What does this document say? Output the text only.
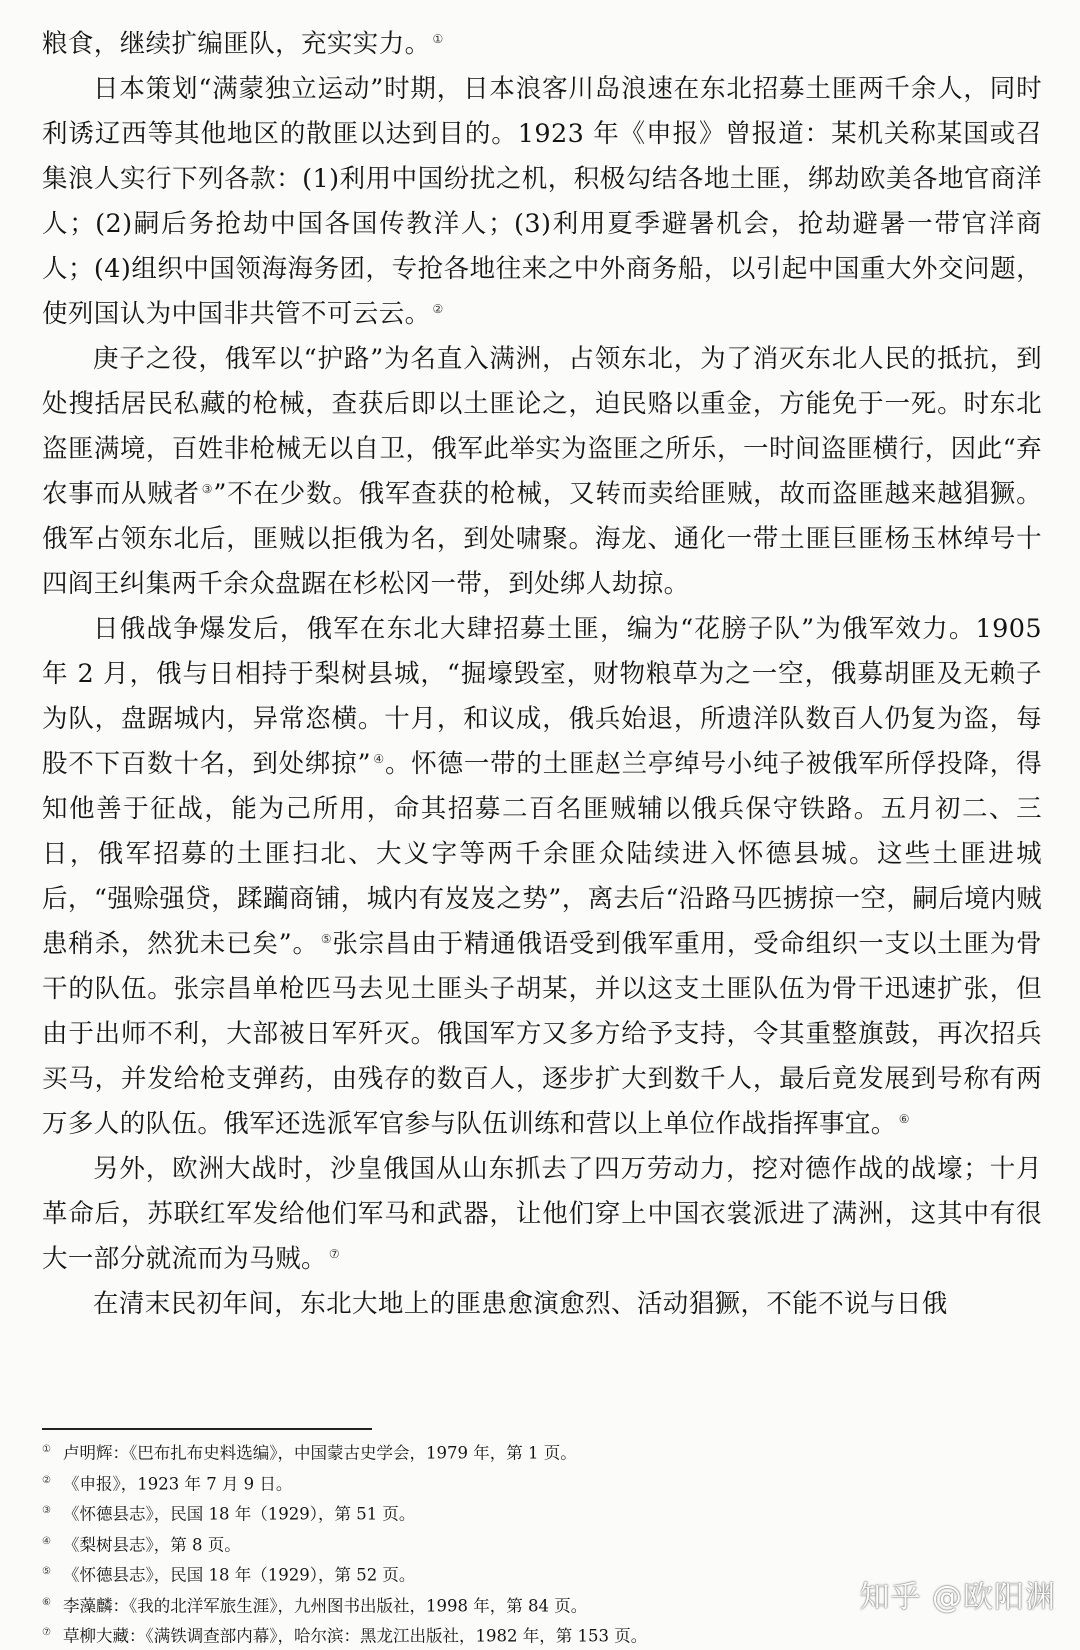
粮食，继续扩编匪队，充实实力。 ①

日本策划“满蒙独立运动”时期，日本浪客川岛浪速在东北招募土匪两千余人，同时利诱辽西等其他地区的散匪以达到目的。1923 年《申报》曾报道：某机关称某国或召集浪人实行下列各款：(1)利用中国纷扰之机，积极勾结各地土匪，绑劫欧美各地官商洋人；(2)嗣后务抢劫中国各国传教洋人；(3)利用夏季避暑机会，抢劫避暑一带官洋商人；(4)组织中国领海海务团，专抢各地往来之中外商务船，以引起中国重大外交问题，使列国认为中国非共管不可云云。 ②

庚子之役，俄军以“护路”为名直入满洲，占领东北，为了消灭东北人民的抵抗，到处搜括居民私藏的枪械，查获后即以土匪论之，迫民赂以重金，方能免于一死。时东北盗匪满境，百姓非枪械无以自卫，俄军此举实为盗匪之所乐，一时间盗匪横行，因此“弃农事而从贼者 ③”不在少数。俄军查获的枪械，又转而卖给匪贼，故而盗匪越来越猖獗。俄军占领东北后，匪贼以拒俄为名，到处啸聚。海龙、通化一带土匪巨匪杨玉林绰号十四阎王纠集两千余众盘踞在杉松冈一带，到处绑人劫掠。

日俄战争爆发后，俄军在东北大肆招募土匪，编为“花膀子队”为俄军效力。1905 年 2 月，俄与日相持于梨树县城，“掘壕毁室，财物粮草为之一空，俄募胡匪及无赖子为队，盘踞城内，异常恣横。十月，和议成，俄兵始退，所遗洋队数百人仍复为盗，每股不下百数十名，到处绑掠” ④。怀德一带的土匪赵兰亭绰号小纯子被俄军所俘投降，得知他善于征战，能为己所用，命其招募二百名匪贼辅以俄兵保守铁路。五月初二、三日，俄军招募的土匪扫北、大义字等两千余匪众陆续进入怀德县城。这些土匪进城后，“强赊强贷，蹂躏商铺，城内有岌岌之势”，离去后“沿路马匹掳掠一空，嗣后境内贼患稍杀，然犹未已矣”。 ⑤张宗昌由于精通俄语受到俄军重用，受命组织一支以土匪为骨干的队伍。张宗昌单枪匹马去见土匪头子胡某，并以这支土匪队伍为骨干迅速扩张，但由于出师不利，大部被日军歼灭。俄国军方又多方给予支持，令其重整旗鼓，再次招兵买马，并发给枪支弹药，由残存的数百人，逐步扩大到数千人，最后竟发展到号称有两万多人的队伍。俄军还选派军官参与队伍训练和营以上单位作战指挥事宜。 ⑥

另外，欧洲大战时，沙皇俄国从山东抓去了四万劳动力，挖对德作战的战壕；十月革命后，苏联红军发给他们军马和武器，让他们穿上中国衣裳派进了满洲，这其中有很大一部分就流而为马贼。 ⑦

在清末民初年间，东北大地上的匪患愈演愈烈、活动猖獗，不能不说与日俄

① 卢明辉：《巴布扎布史料选编》，中国蒙古史学会，1979 年，第 1 页。

② 《申报》，1923 年 7 月 9 日。

③ 《怀德县志》，民国 18 年（1929），第 51 页。

④ 《梨树县志》，第 8 页。

⑤ 《怀德县志》，民国 18 年（1929），第 52 页。

⑥ 李藻麟：《我的北洋军旅生涯》，九州图书出版社，1998 年，第 84 页。

⑦ 草柳大藏：《满铁调查部内幕》，哈尔滨：黑龙江出版社，1982 年，第 153 页。

知乎 @欧阳渊
